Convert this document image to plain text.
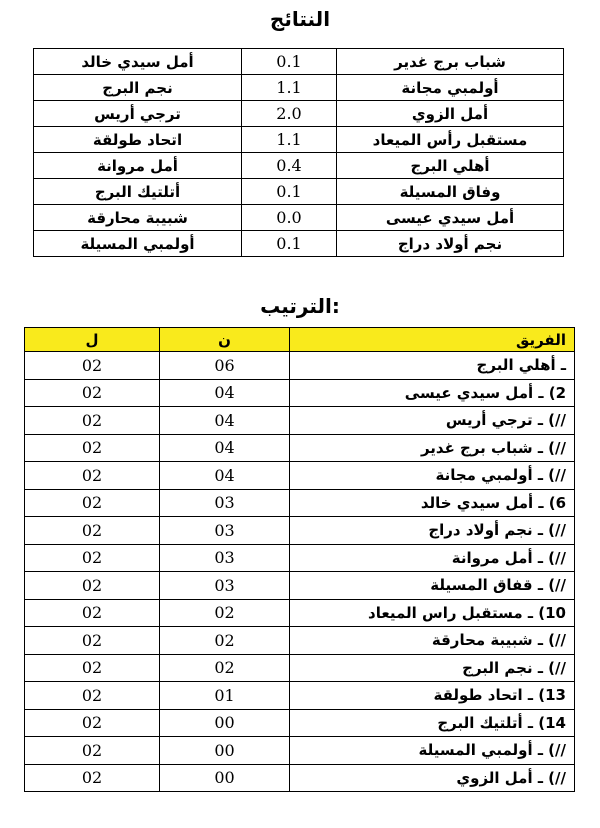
النتائج
شباب برج غدير	0.1	أمل سيدي خالد
أولمبي مجانة	1.1	نجم البرج
أمل الزوي	2.0	ترجي أريس
مستقبل رأس الميعاد	1.1	اتحاد طولقة
أهلي البرج	0.4	أمل مروانة
وفاق المسيلة	0.1	أتلتيك البرج
أمل سيدي عيسى	0.0	شبيبة محارقة
نجم أولاد دراج	0.1	أولمبي المسيلة
الترتيب:
الفريق	ن	ل
ـ أهلي البرج	06	02
2) ـ أمل سيدي عيسى	04	02
//) ـ ترجي أريس	04	02
//) ـ شباب برج غدير	04	02
//) ـ أولمبي مجانة	04	02
6) ـ أمل سيدي خالد	03	02
//) ـ نجم أولاد دراج	03	02
//) ـ أمل مروانة	03	02
//) ـ قفاق المسيلة	03	02
10) ـ مستقبل راس الميعاد	02	02
//) ـ شبيبة محارقة	02	02
//) ـ نجم البرج	02	02
13) ـ اتحاد طولقة	01	02
14) ـ أتلتيك البرج	00	02
//) ـ أولمبي المسيلة	00	02
//) ـ أمل الزوي	00	02
